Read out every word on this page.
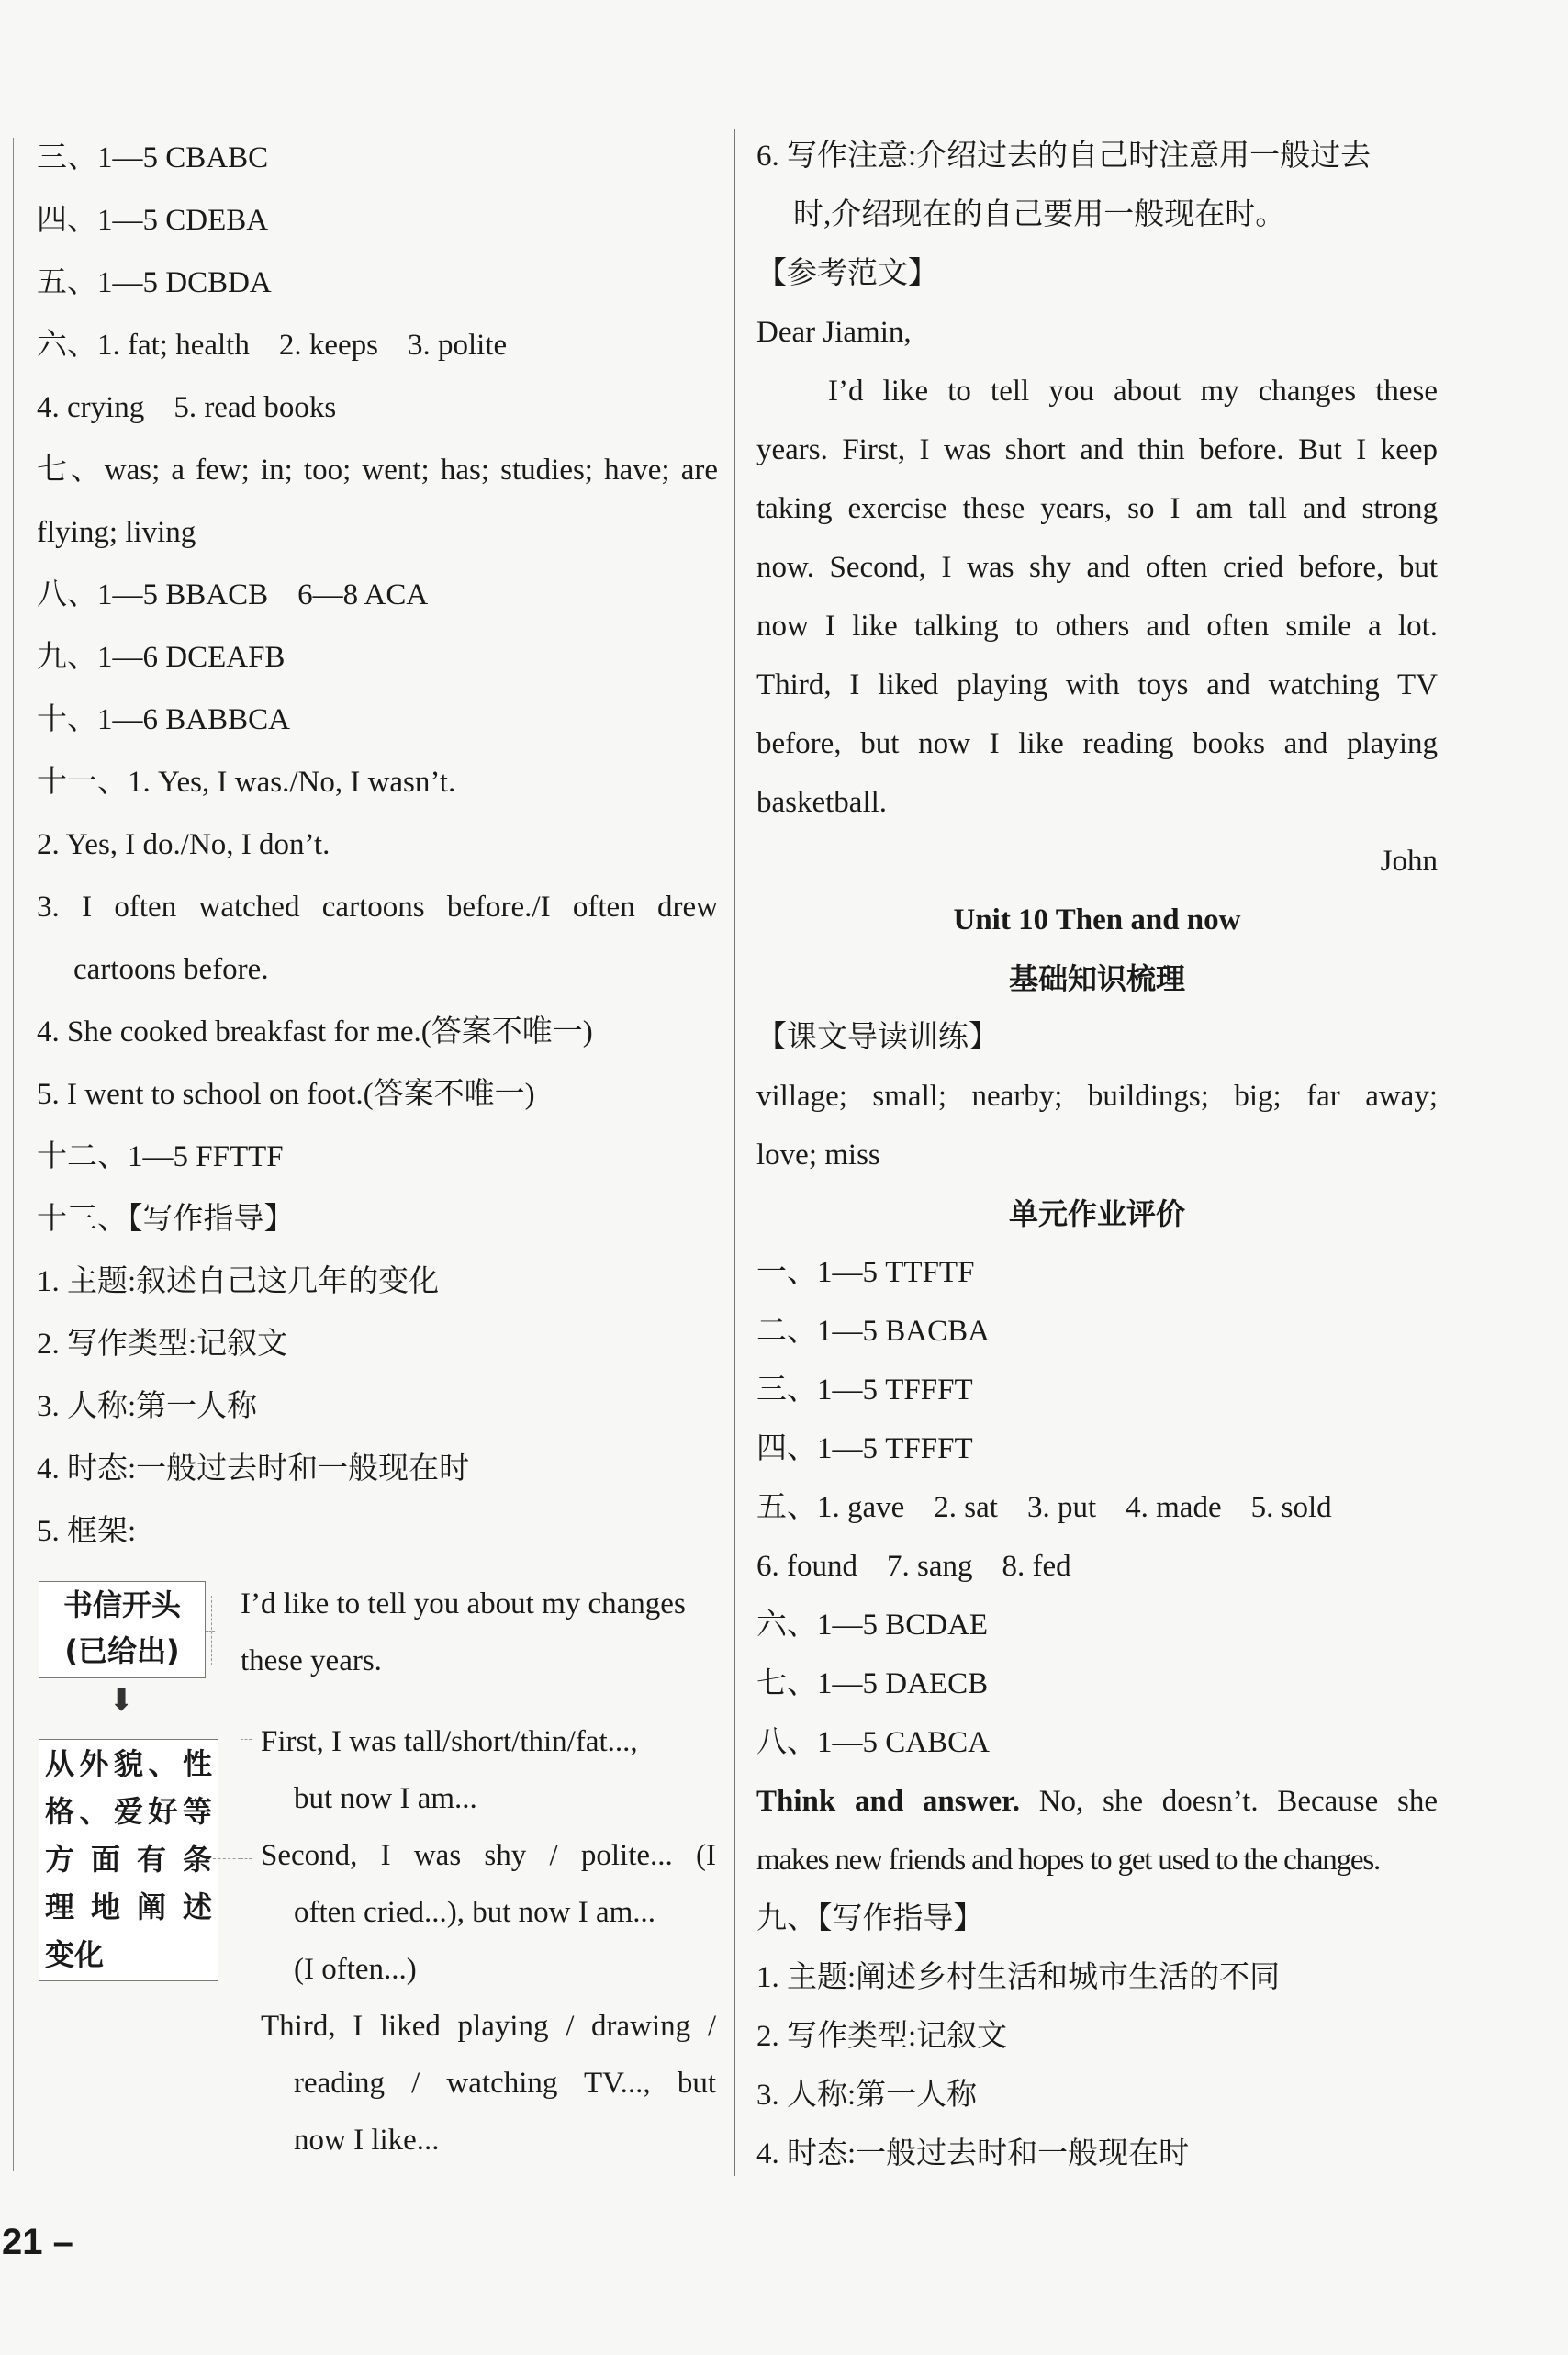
三、1—5 CBABC
四、1—5 CDEBA
五、1—5 DCBDA
六、1. fat; health 2. keeps 3. polite
4. crying 5. read books
七、was; a few; in; too; went; has; studies; have; are
flying; living
八、1—5 BBACB 6—8 ACA
九、1—6 DCEAFB
十、1—6 BABBCA
十一、1. Yes, I was./No, I wasn’t.
2. Yes, I do./No, I don’t.
3. I often watched cartoons before./I often drew
cartoons before.
4. She cooked breakfast for me.(答案不唯一)
5. I went to school on foot.(答案不唯一)
十二、1—5 FFTTF
十三、【写作指导】
1. 主题:叙述自己这几年的变化
2. 写作类型:记叙文
3. 人称:第一人称
4. 时态:一般过去时和一般现在时
5. 框架:
书信开头
(已给出)
I’d like to tell you about my changes
these years.
⬇
从外貌、性
格、爱好等
方面有条
理地阐述
变化
First, I was tall/short/thin/fat...,
but now I am...
Second, I was shy / polite... (I
often cried...), but now I am...
(I often...)
Third, I liked playing / drawing /
reading / watching TV..., but
now I like...
6. 写作注意:介绍过去的自己时注意用一般过去
时,介绍现在的自己要用一般现在时。
【参考范文】
Dear Jiamin,
I’d like to tell you about my changes these
years. First, I was short and thin before. But I keep
taking exercise these years, so I am tall and strong
now. Second, I was shy and often cried before, but
now I like talking to others and often smile a lot.
Third, I liked playing with toys and watching TV
before, but now I like reading books and playing
basketball.
John
Unit 10 Then and now
基础知识梳理
【课文导读训练】
village; small; nearby; buildings; big; far away;
love; miss
单元作业评价
一、1—5 TTFTF
二、1—5 BACBA
三、1—5 TFFFT
四、1—5 TFFFT
五、1. gave 2. sat 3. put 4. made 5. sold
6. found 7. sang 8. fed
六、1—5 BCDAE
七、1—5 DAECB
八、1—5 CABCA
Think and answer. No, she doesn’t. Because she
makes new friends and hopes to get used to the changes.
九、【写作指导】
1. 主题:阐述乡村生活和城市生活的不同
2. 写作类型:记叙文
3. 人称:第一人称
4. 时态:一般过去时和一般现在时
21 –
